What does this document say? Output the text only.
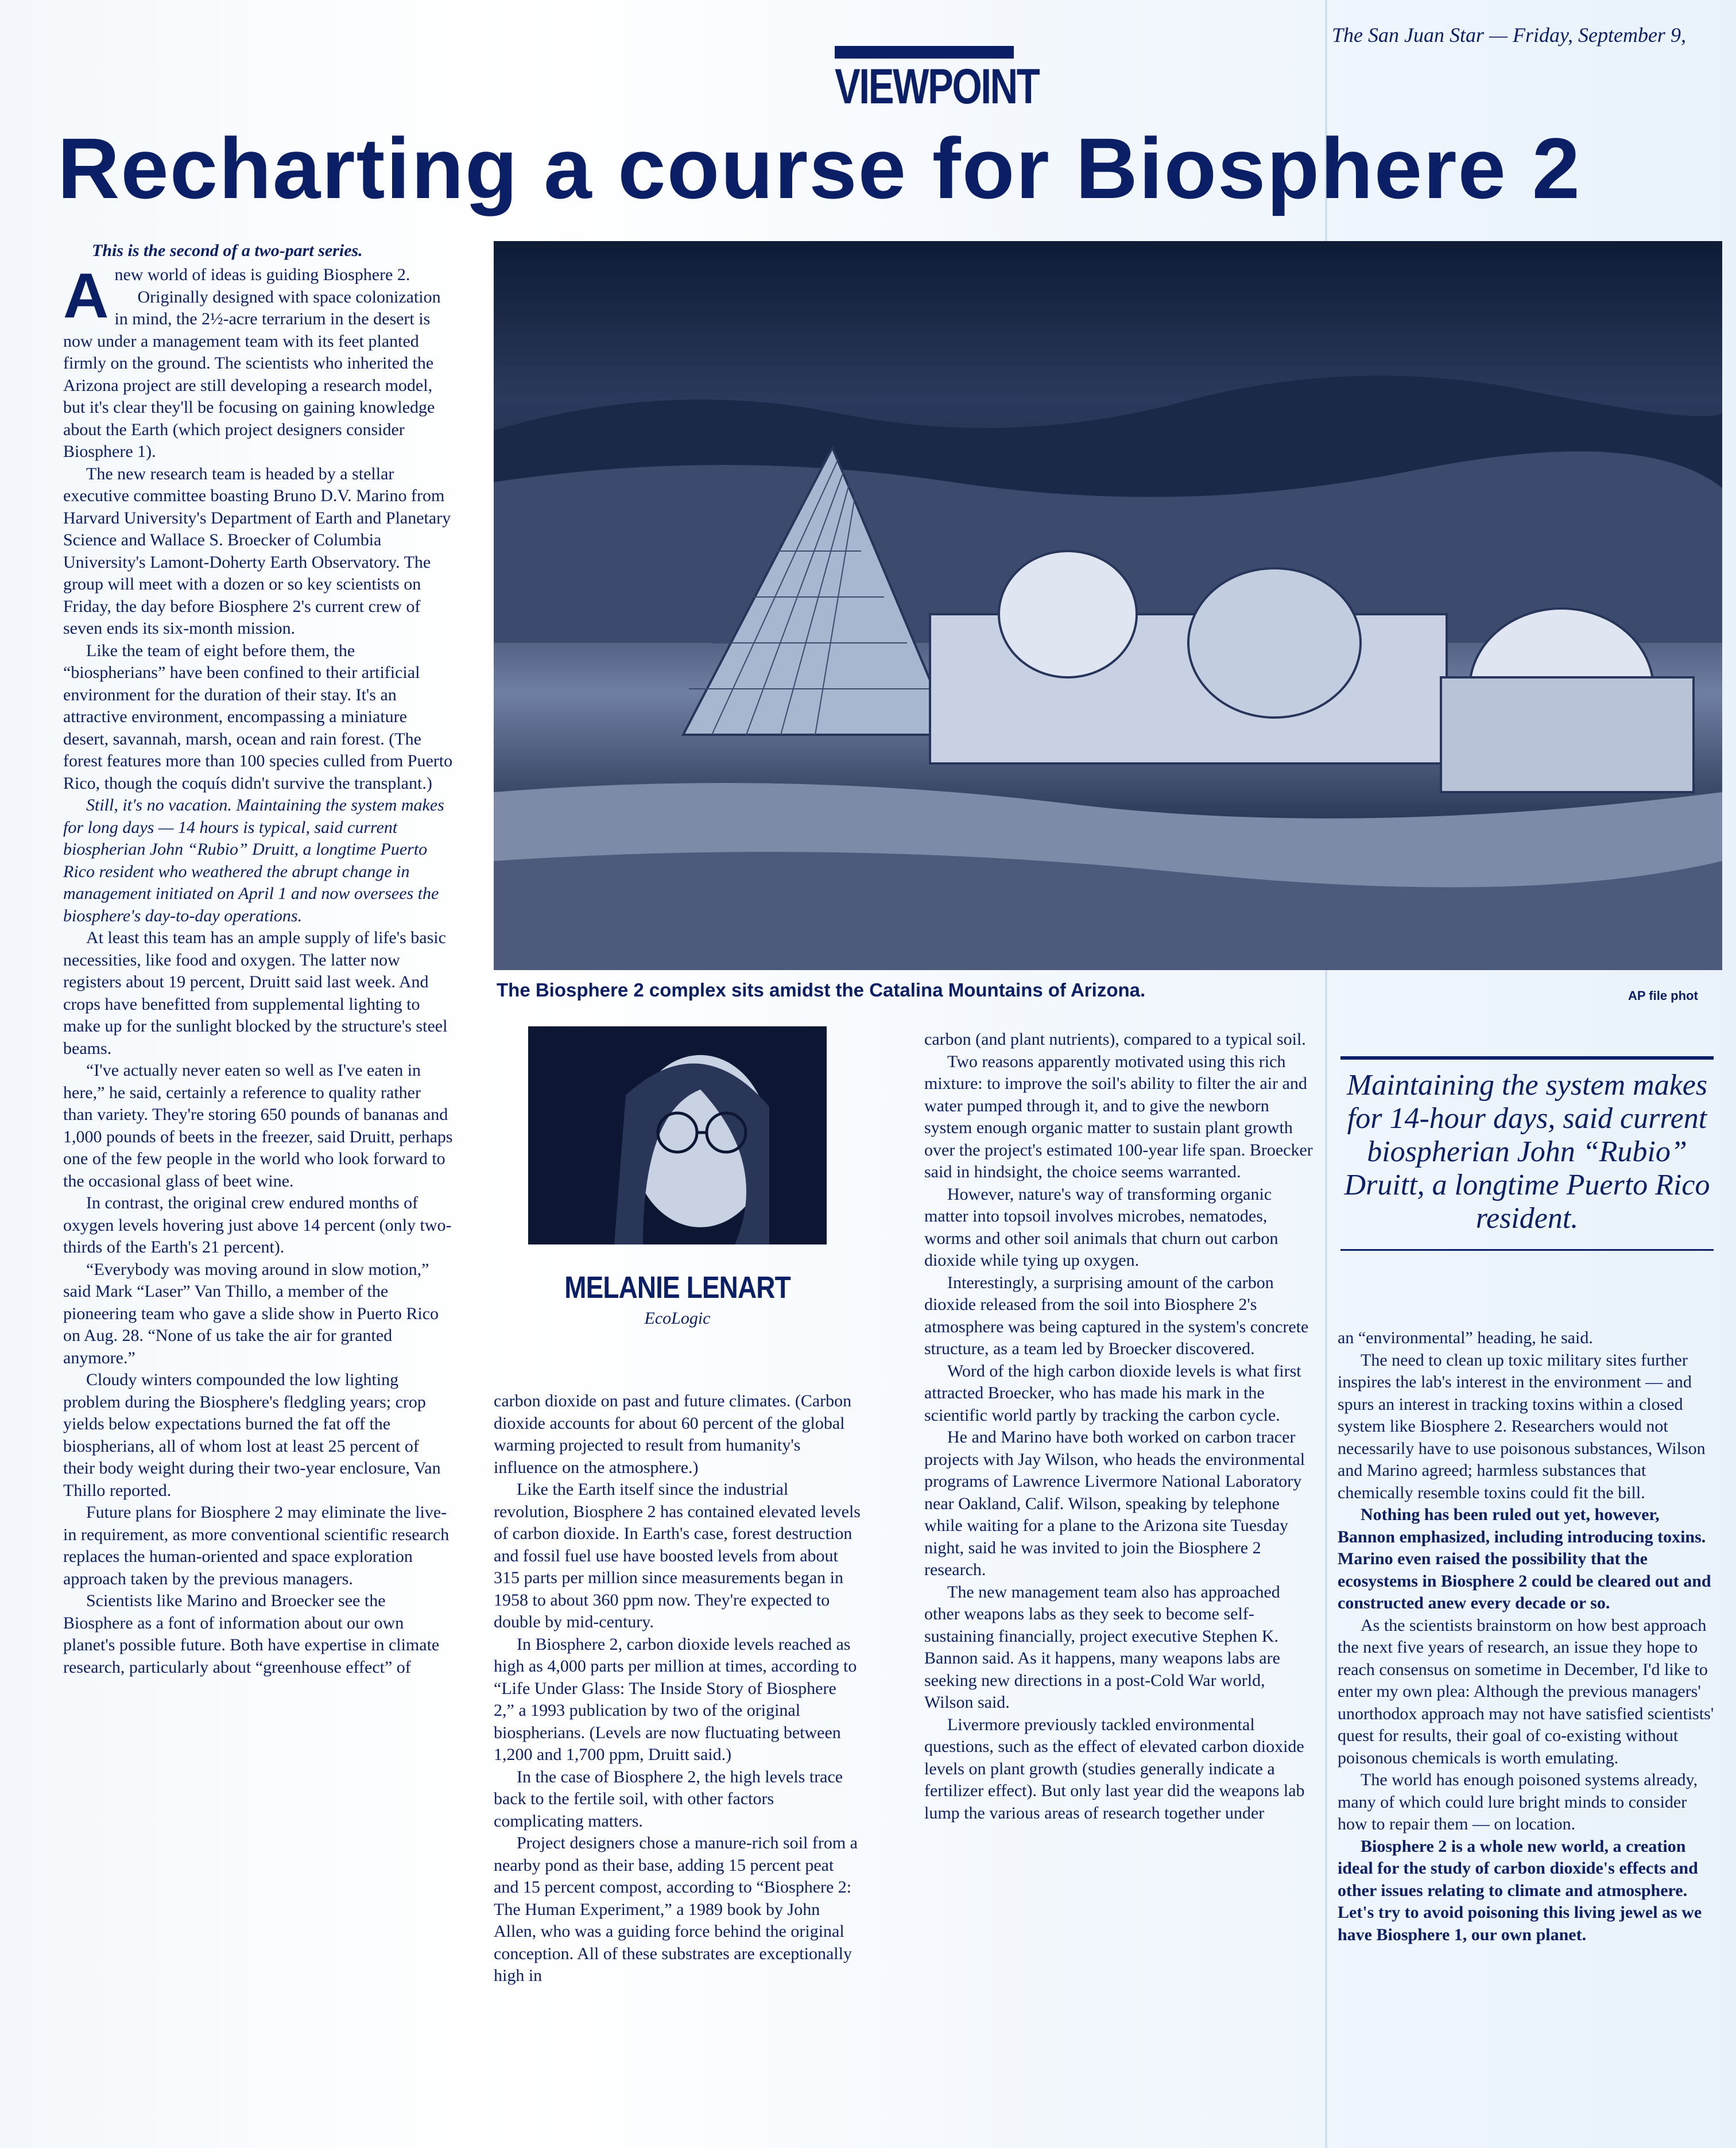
The San Juan Star — Friday, September 9,
VIEWPOINT
Recharting a course for Biosphere 2
This is the second of a two-part series.

Anew world of ideas is guiding Biosphere 2.

Originally designed with space colonization in mind, the 2½-acre terrarium in the desert is now under a management team with its feet planted firmly on the ground. The scientists who inherited the Arizona project are still developing a research model, but it's clear they'll be focusing on gaining knowledge about the Earth (which project designers consider Biosphere 1).

The new research team is headed by a stellar executive committee boasting Bruno D.V. Marino from Harvard University's Department of Earth and Planetary Science and Wallace S. Broecker of Columbia University's Lamont-Doherty Earth Observatory. The group will meet with a dozen or so key scientists on Friday, the day before Biosphere 2's current crew of seven ends its six-month mission.

Like the team of eight before them, the “biospherians” have been confined to their artificial environment for the duration of their stay. It's an attractive environment, encompassing a miniature desert, savannah, marsh, ocean and rain forest. (The forest features more than 100 species culled from Puerto Rico, though the coquís didn't survive the transplant.)

Still, it's no vacation. Maintaining the system makes for long days — 14 hours is typical, said current biospherian John “Rubio” Druitt, a longtime Puerto Rico resident who weathered the abrupt change in management initiated on April 1 and now oversees the biosphere's day-to-day operations.

At least this team has an ample supply of life's basic necessities, like food and oxygen. The latter now registers about 19 percent, Druitt said last week. And crops have benefitted from supplemental lighting to make up for the sunlight blocked by the structure's steel beams.

“I've actually never eaten so well as I've eaten in here,” he said, certainly a reference to quality rather than variety. They're storing 650 pounds of bananas and 1,000 pounds of beets in the freezer, said Druitt, perhaps one of the few people in the world who look forward to the occasional glass of beet wine.

In contrast, the original crew endured months of oxygen levels hovering just above 14 percent (only two-thirds of the Earth's 21 percent).

“Everybody was moving around in slow motion,” said Mark “Laser” Van Thillo, a member of the pioneering team who gave a slide show in Puerto Rico on Aug. 28. “None of us take the air for granted anymore.”

Cloudy winters compounded the low lighting problem during the Biosphere's fledgling years; crop yields below expectations burned the fat off the biospherians, all of whom lost at least 25 percent of their body weight during their two-year enclosure, Van Thillo reported.

Future plans for Biosphere 2 may eliminate the live-in requirement, as more conventional scientific research replaces the human-oriented and space exploration approach taken by the previous managers.

Scientists like Marino and Broecker see the Biosphere as a font of information about our own planet's possible future. Both have expertise in climate research, particularly about “greenhouse effect” of

The Biosphere 2 complex sits amidst the Catalina Mountains of Arizona.	AP file phot
MELANIE LENART
EcoLogic

carbon dioxide on past and future climates. (Carbon dioxide accounts for about 60 percent of the global warming projected to result from humanity's influence on the atmosphere.)

Like the Earth itself since the industrial revolution, Biosphere 2 has contained elevated levels of carbon dioxide. In Earth's case, forest destruction and fossil fuel use have boosted levels from about 315 parts per million since measurements began in 1958 to about 360 ppm now. They're expected to double by mid-century.

In Biosphere 2, carbon dioxide levels reached as high as 4,000 parts per million at times, according to “Life Under Glass: The Inside Story of Biosphere 2,” a 1993 publication by two of the original biospherians. (Levels are now fluctuating between 1,200 and 1,700 ppm, Druitt said.)

In the case of Biosphere 2, the high levels trace back to the fertile soil, with other factors complicating matters.

Project designers chose a manure-rich soil from a nearby pond as their base, adding 15 percent peat and 15 percent compost, according to “Biosphere 2: The Human Experiment,” a 1989 book by John Allen, who was a guiding force behind the original conception. All of these substrates are exceptionally high in

carbon (and plant nutrients), compared to a typical soil.

Two reasons apparently motivated using this rich mixture: to improve the soil's ability to filter the air and water pumped through it, and to give the newborn system enough organic matter to sustain plant growth over the project's estimated 100-year life span. Broecker said in hindsight, the choice seems warranted.

However, nature's way of transforming organic matter into topsoil involves microbes, nematodes, worms and other soil animals that churn out carbon dioxide while tying up oxygen.

Interestingly, a surprising amount of the carbon dioxide released from the soil into Biosphere 2's atmosphere was being captured in the system's concrete structure, as a team led by Broecker discovered.

Word of the high carbon dioxide levels is what first attracted Broecker, who has made his mark in the scientific world partly by tracking the carbon cycle.

He and Marino have both worked on carbon tracer projects with Jay Wilson, who heads the environmental programs of Lawrence Livermore National Laboratory near Oakland, Calif. Wilson, speaking by telephone while waiting for a plane to the Arizona site Tuesday night, said he was invited to join the Biosphere 2 research.

The new management team also has approached other weapons labs as they seek to become self-sustaining financially, project executive Stephen K. Bannon said. As it happens, many weapons labs are seeking new directions in a post-Cold War world, Wilson said.

Livermore previously tackled environmental questions, such as the effect of elevated carbon dioxide levels on plant growth (studies generally indicate a fertilizer effect). But only last year did the weapons lab lump the various areas of research together under

Maintaining the system makes for 14-hour days, said current biospherian John “Rubio” Druitt, a longtime Puerto Rico resident.

an “environmental” heading, he said.

The need to clean up toxic military sites further inspires the lab's interest in the environment — and spurs an interest in tracking toxins within a closed system like Biosphere 2. Researchers would not necessarily have to use poisonous substances, Wilson and Marino agreed; harmless substances that chemically resemble toxins could fit the bill.

Nothing has been ruled out yet, however, Bannon emphasized, including introducing toxins. Marino even raised the possibility that the ecosystems in Biosphere 2 could be cleared out and constructed anew every decade or so.

As the scientists brainstorm on how best approach the next five years of research, an issue they hope to reach consensus on sometime in December, I'd like to enter my own plea: Although the previous managers' unorthodox approach may not have satisfied scientists' quest for results, their goal of co-existing without poisonous chemicals is worth emulating.

The world has enough poisoned systems already, many of which could lure bright minds to consider how to repair them — on location.

Biosphere 2 is a whole new world, a creation ideal for the study of carbon dioxide's effects and other issues relating to climate and atmosphere. Let's try to avoid poisoning this living jewel as we have Biosphere 1, our own planet.
